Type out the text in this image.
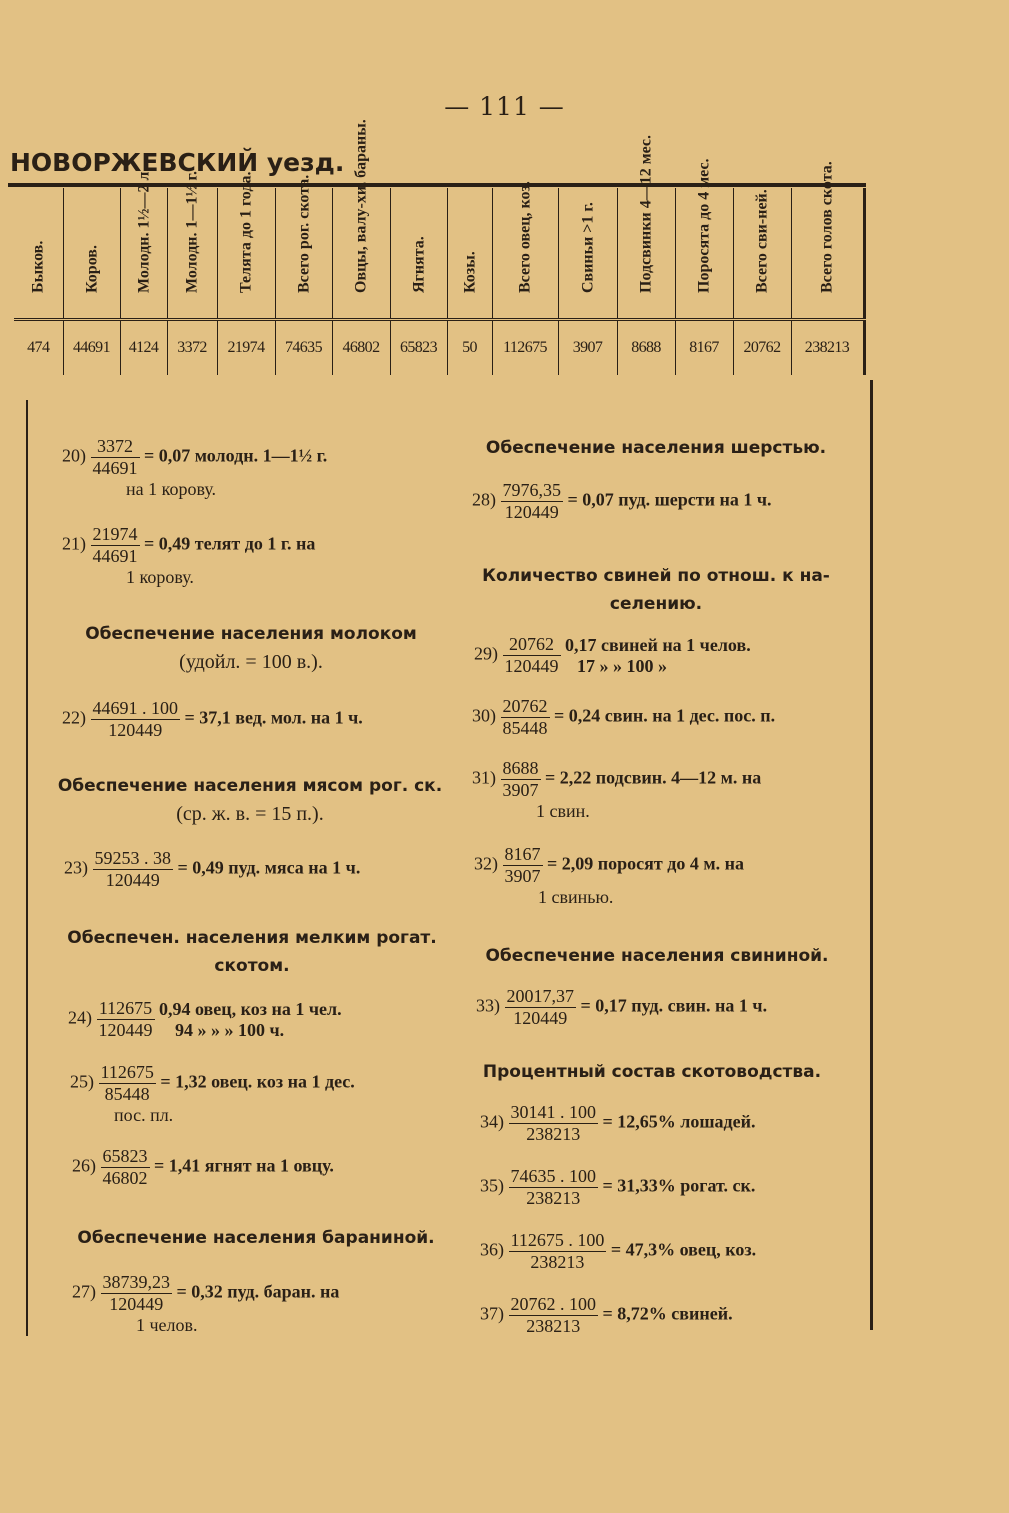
— 111 —
НОВОРЖЕВСКИЙ уезд.
Быков.	Коров.	Молодн. 1½—2 л.	Молодн. 1—1½ г.	Телята до 1 года.	Всего рог. скота.	Овцы, валу-хи, бараны.	Ягнята.	Козы.	Всего овец, коз.	Свиньи >1 г.	Подсвинки 4—12 мес.	Поросята до 4 мес.	Всего сви-ней.	Всего голов скота.

474	44691	4124	3372	21974	74635	46802	65823	50	112675	3907	8688	8167	20762	238213
$20) \frac{3372}{44691} = 0,07$ молодн. 1—1½ г.
на 1 корову.
$21) \frac{21974}{44691} = 0,49$ телят до 1 г. на
1 корову.
Обеспечение населения молоком
(удойл. = 100 в.).
$22) \frac{44691 . 100}{120449} = 37,1$ вед. мол. на 1 ч.
Обеспечение населения мясом рог. ск.
(ср. ж. в. = 15 п.).
$23) \frac{59253 . 38}{120449} = 0,49$ пуд. мяса на 1 ч.
Обеспечен. населения мелким рогат.
скотом.
$24) \frac{112675}{120449}$
0,94 овец, коз на 1 чел.
94 » » » 100 ч.
$25) \frac{112675}{85448} = 1,32$ овец. коз на 1 дес.
пос. пл.
$26) \frac{65823}{46802} = 1,41$ ягнят на 1 овцу.
Обеспечение населения бараниной.
$27) \frac{38739,23}{120449} = 0,32$ пуд. баран. на
1 челов.
Обеспечение населения шерстью.
$28) \frac{7976,35}{120449} = 0,07$ пуд. шерсти на 1 ч.
Количество свиней по отнош. к на-
селению.
$29) \frac{20762}{120449}$
0,17 свиней на 1 челов.
17 » » 100 »
$30) \frac{20762}{85448} = 0,24$ свин. на 1 дес. пос. п.
$31) \frac{8688}{3907} = 2,22$ подсвин. 4—12 м. на
1 свин.
$32) \frac{8167}{3907} = 2,09$ поросят до 4 м. на
1 свинью.
Обеспечение населения свининой.
$33) \frac{20017,37}{120449} = 0,17$ пуд. свин. на 1 ч.
Процентный состав скотоводства.
$34) \frac{30141 . 100}{238213} = 12,65\%$ лошадей.
$35) \frac{74635 . 100}{238213} = 31,33\%$ рогат. ск.
$36) \frac{112675 . 100}{238213} = 47,3\%$ овец, коз.
$37) \frac{20762 . 100}{238213} = 8,72\%$ свиней.
